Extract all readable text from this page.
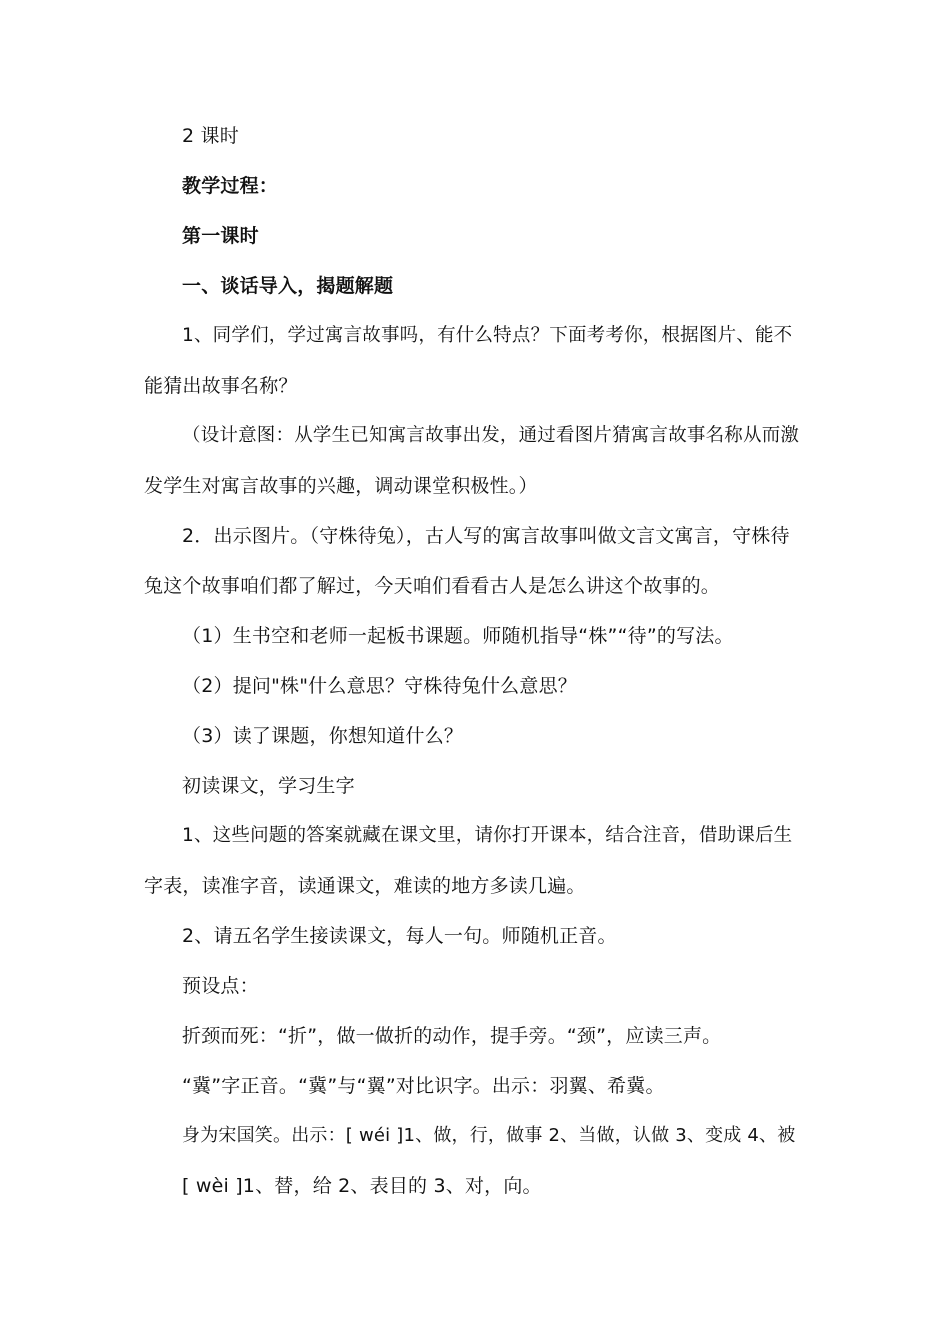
2 课时
教学过程：
第一课时
一、谈话导入，揭题解题
1、同学们，学过寓言故事吗，有什么特点？下面考考你，根据图片、能不
能猜出故事名称？
（设计意图：从学生已知寓言故事出发，通过看图片猜寓言故事名称从而激
发学生对寓言故事的兴趣，调动课堂积极性。）
2．出示图片。（守株待兔），古人写的寓言故事叫做文言文寓言，守株待
兔这个故事咱们都了解过，今天咱们看看古人是怎么讲这个故事的。
（1）生书空和老师一起板书课题。师随机指导“株”“待”的写法。
（2）提问"株"什么意思？守株待兔什么意思？
（3）读了课题，你想知道什么？
初读课文，学习生字
1、这些问题的答案就藏在课文里，请你打开课本，结合注音，借助课后生
字表，读准字音，读通课文，难读的地方多读几遍。
2、请五名学生接读课文，每人一句。师随机正音。
预设点：
折颈而死：“折”，做一做折的动作，提手旁。“颈”，应读三声。
“冀”字正音。“冀”与“翼”对比识字。出示：羽翼、希冀。
身为宋国笑。出示：[ wéi ]1、做，行，做事 2、当做，认做 3、变成 4、被
[ wèi ]1、替，给 2、表目的 3、对，向。
